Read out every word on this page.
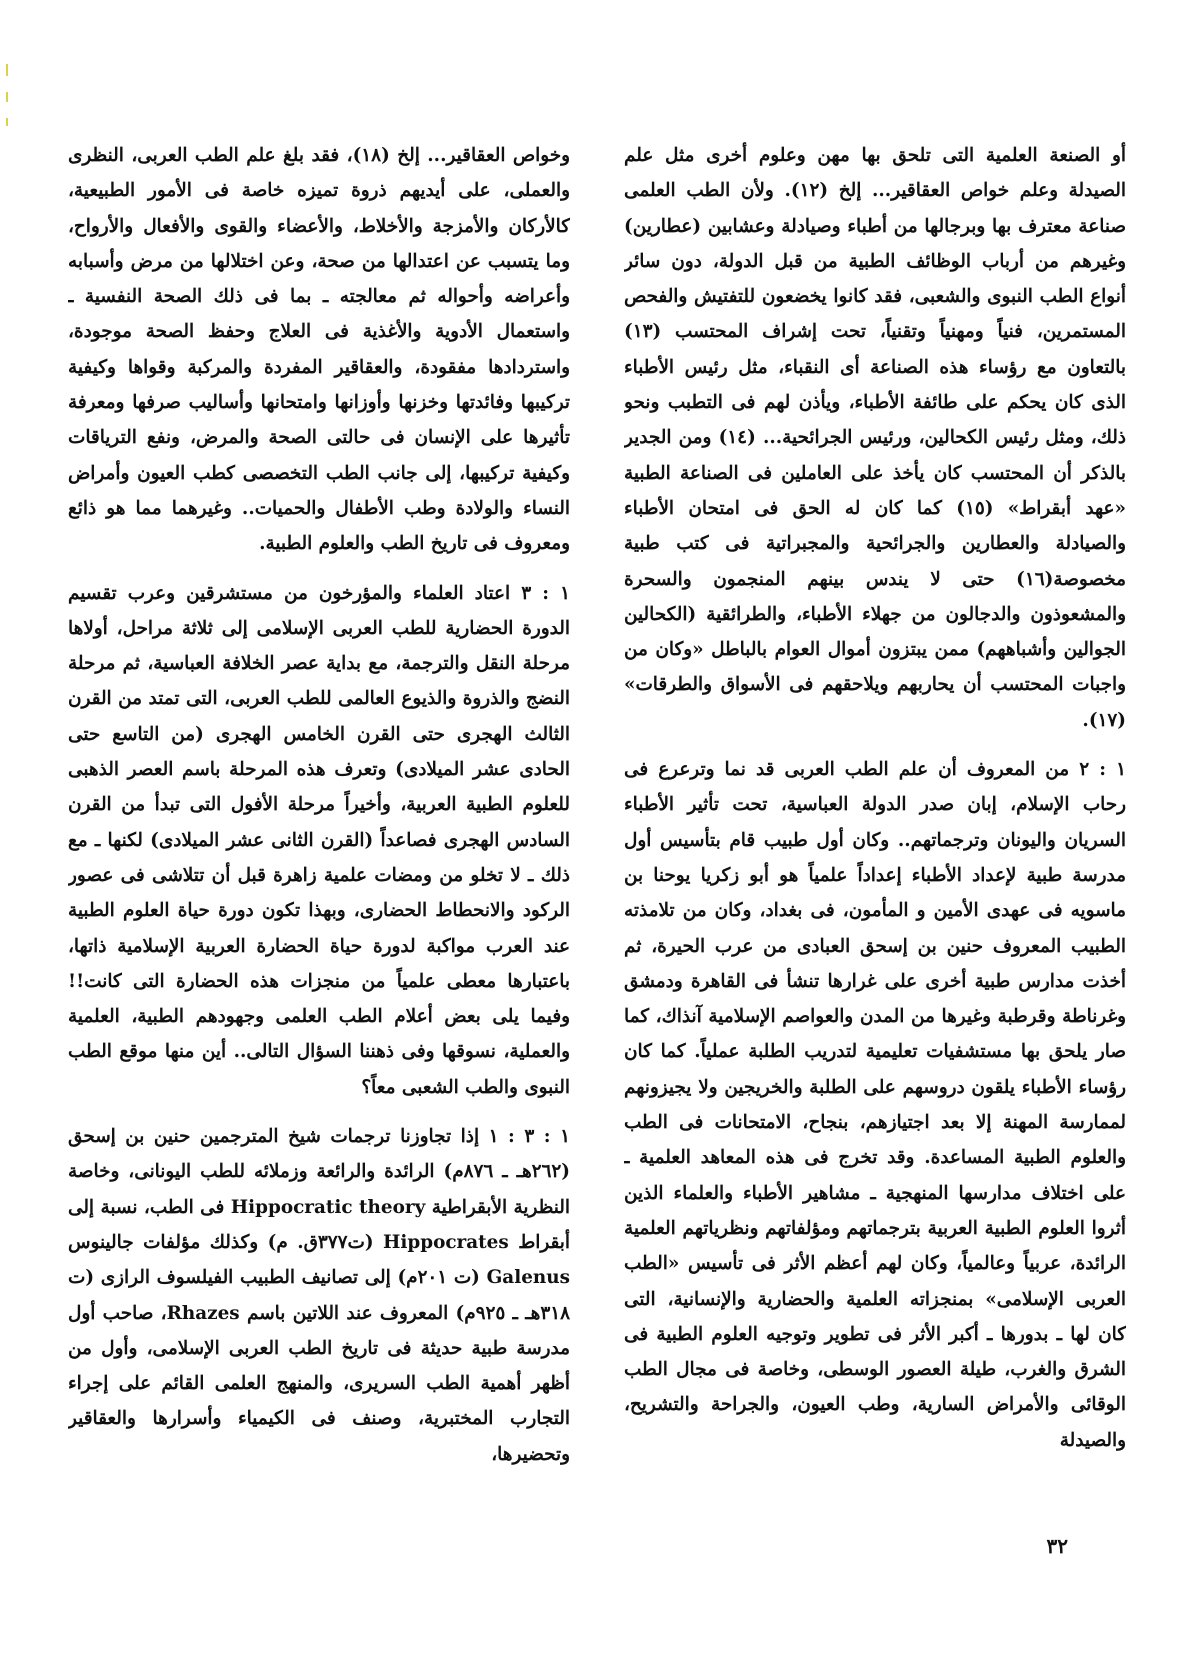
أو الصنعة العلمية التى تلحق بها مهن وعلوم أخرى مثل علم الصيدلة وعلم خواص العقاقير... إلخ (١٢). ولأن الطب العلمى صناعة معترف بها وبرجالها من أطباء وصيادلة وعشابين (عطارين) وغيرهم من أرباب الوظائف الطبية من قبل الدولة، دون سائر أنواع الطب النبوى والشعبى، فقد كانوا يخضعون للتفتيش والفحص المستمرين، فنياً ومهنياً وتقنياً، تحت إشراف المحتسب (١٣) بالتعاون مع رؤساء هذه الصناعة أى النقباء، مثل رئيس الأطباء الذى كان يحكم على طائفة الأطباء، ويأذن لهم فى التطبب ونحو ذلك، ومثل رئيس الكحالين، ورئيس الجرائحية... (١٤) ومن الجدير بالذكر أن المحتسب كان يأخذ على العاملين فى الصناعة الطبية «عهد أبقراط» (١٥) كما كان له الحق فى امتحان الأطباء والصيادلة والعطارين والجرائحية والمجبراتية فى كتب طبية مخصوصة(١٦) حتى لا يندس بينهم المنجمون والسحرة والمشعوذون والدجالون من جهلاء الأطباء، والطرائقية (الكحالين الجوالين وأشباههم) ممن يبتزون أموال العوام بالباطل «وكان من واجبات المحتسب أن يحاربهم ويلاحقهم فى الأسواق والطرقات» (١٧).

١ : ٢ من المعروف أن علم الطب العربى قد نما وترعرع فى رحاب الإسلام، إبان صدر الدولة العباسية، تحت تأثير الأطباء السريان واليونان وترجماتهم.. وكان أول طبيب قام بتأسيس أول مدرسة طبية لإعداد الأطباء إعداداً علمياً هو أبو زكريا يوحنا بن ماسويه فى عهدى الأمين و المأمون، فى بغداد، وكان من تلامذته الطبيب المعروف حنين بن إسحق العبادى من عرب الحيرة، ثم أخذت مدارس طبية أخرى على غرارها تنشأ فى القاهرة ودمشق وغرناطة وقرطبة وغيرها من المدن والعواصم الإسلامية آنذاك، كما صار يلحق بها مستشفيات تعليمية لتدريب الطلبة عملياً. كما كان رؤساء الأطباء يلقون دروسهم على الطلبة والخريجين ولا يجيزونهم لممارسة المهنة إلا بعد اجتيازهم، بنجاح، الامتحانات فى الطب والعلوم الطبية المساعدة. وقد تخرج فى هذه المعاهد العلمية ـ على اختلاف مدارسها المنهجية ـ مشاهير الأطباء والعلماء الذين أثروا العلوم الطبية العربية بترجماتهم ومؤلفاتهم ونظرياتهم العلمية الرائدة، عربياً وعالمياً، وكان لهم أعظم الأثر فى تأسيس «الطب العربى الإسلامى» بمنجزاته العلمية والحضارية والإنسانية، التى كان لها ـ بدورها ـ أكبر الأثر فى تطوير وتوجيه العلوم الطبية فى الشرق والغرب، طيلة العصور الوسطى، وخاصة فى مجال الطب الوقائى والأمراض السارية، وطب العيون، والجراحة والتشريح، والصيدلة

وخواص العقاقير... إلخ (١٨)، فقد بلغ علم الطب العربى، النظرى والعملى، على أيديهم ذروة تميزه خاصة فى الأمور الطبيعية، كالأركان والأمزجة والأخلاط، والأعضاء والقوى والأفعال والأرواح، وما يتسبب عن اعتدالها من صحة، وعن اختلالها من مرض وأسبابه وأعراضه وأحواله ثم معالجته ـ بما فى ذلك الصحة النفسية ـ واستعمال الأدوية والأغذية فى العلاج وحفظ الصحة موجودة، واستردادها مفقودة، والعقاقير المفردة والمركبة وقواها وكيفية تركيبها وفائدتها وخزنها وأوزانها وامتحانها وأساليب صرفها ومعرفة تأثيرها على الإنسان فى حالتى الصحة والمرض، ونفع الترياقات وكيفية تركيبها، إلى جانب الطب التخصصى كطب العيون وأمراض النساء والولادة وطب الأطفال والحميات.. وغيرهما مما هو ذائع ومعروف فى تاريخ الطب والعلوم الطبية.

١ : ٣ اعتاد العلماء والمؤرخون من مستشرقين وعرب تقسيم الدورة الحضارية للطب العربى الإسلامى إلى ثلاثة مراحل، أولاها مرحلة النقل والترجمة، مع بداية عصر الخلافة العباسية، ثم مرحلة النضج والذروة والذيوع العالمى للطب العربى، التى تمتد من القرن الثالث الهجرى حتى القرن الخامس الهجرى (من التاسع حتى الحادى عشر الميلادى) وتعرف هذه المرحلة باسم العصر الذهبى للعلوم الطبية العربية، وأخيراً مرحلة الأفول التى تبدأ من القرن السادس الهجرى فصاعداً (القرن الثانى عشر الميلادى) لكنها ـ مع ذلك ـ لا تخلو من ومضات علمية زاهرة قبل أن تتلاشى فى عصور الركود والانحطاط الحضارى، وبهذا تكون دورة حياة العلوم الطبية عند العرب مواكبة لدورة حياة الحضارة العربية الإسلامية ذاتها، باعتبارها معطى علمياً من منجزات هذه الحضارة التى كانت!! وفيما يلى بعض أعلام الطب العلمى وجهودهم الطبية، العلمية والعملية، نسوقها وفى ذهننا السؤال التالى.. أين منها موقع الطب النبوى والطب الشعبى معاً؟

١ : ٣ : ١ إذا تجاوزنا ترجمات شيخ المترجمين حنين بن إسحق (٢٦٢هـ ـ ٨٧٦م) الرائدة والرائعة وزملائه للطب اليونانى، وخاصة النظرية الأبقراطية Hippocratic theory فى الطب، نسبة إلى أبقراط Hippocrates (ت٣٧٧ق. م) وكذلك مؤلفات جالينوس Galenus (ت ٢٠١م) إلى تصانيف الطبيب الفيلسوف الرازى (ت ٣١٨هـ ـ ٩٢٥م) المعروف عند اللاتين باسم Rhazes، صاحب أول مدرسة طبية حديثة فى تاريخ الطب العربى الإسلامى، وأول من أظهر أهمية الطب السريرى، والمنهج العلمى القائم على إجراء التجارب المختبرية، وصنف فى الكيمياء وأسرارها والعقاقير وتحضيرها،

٣٢
